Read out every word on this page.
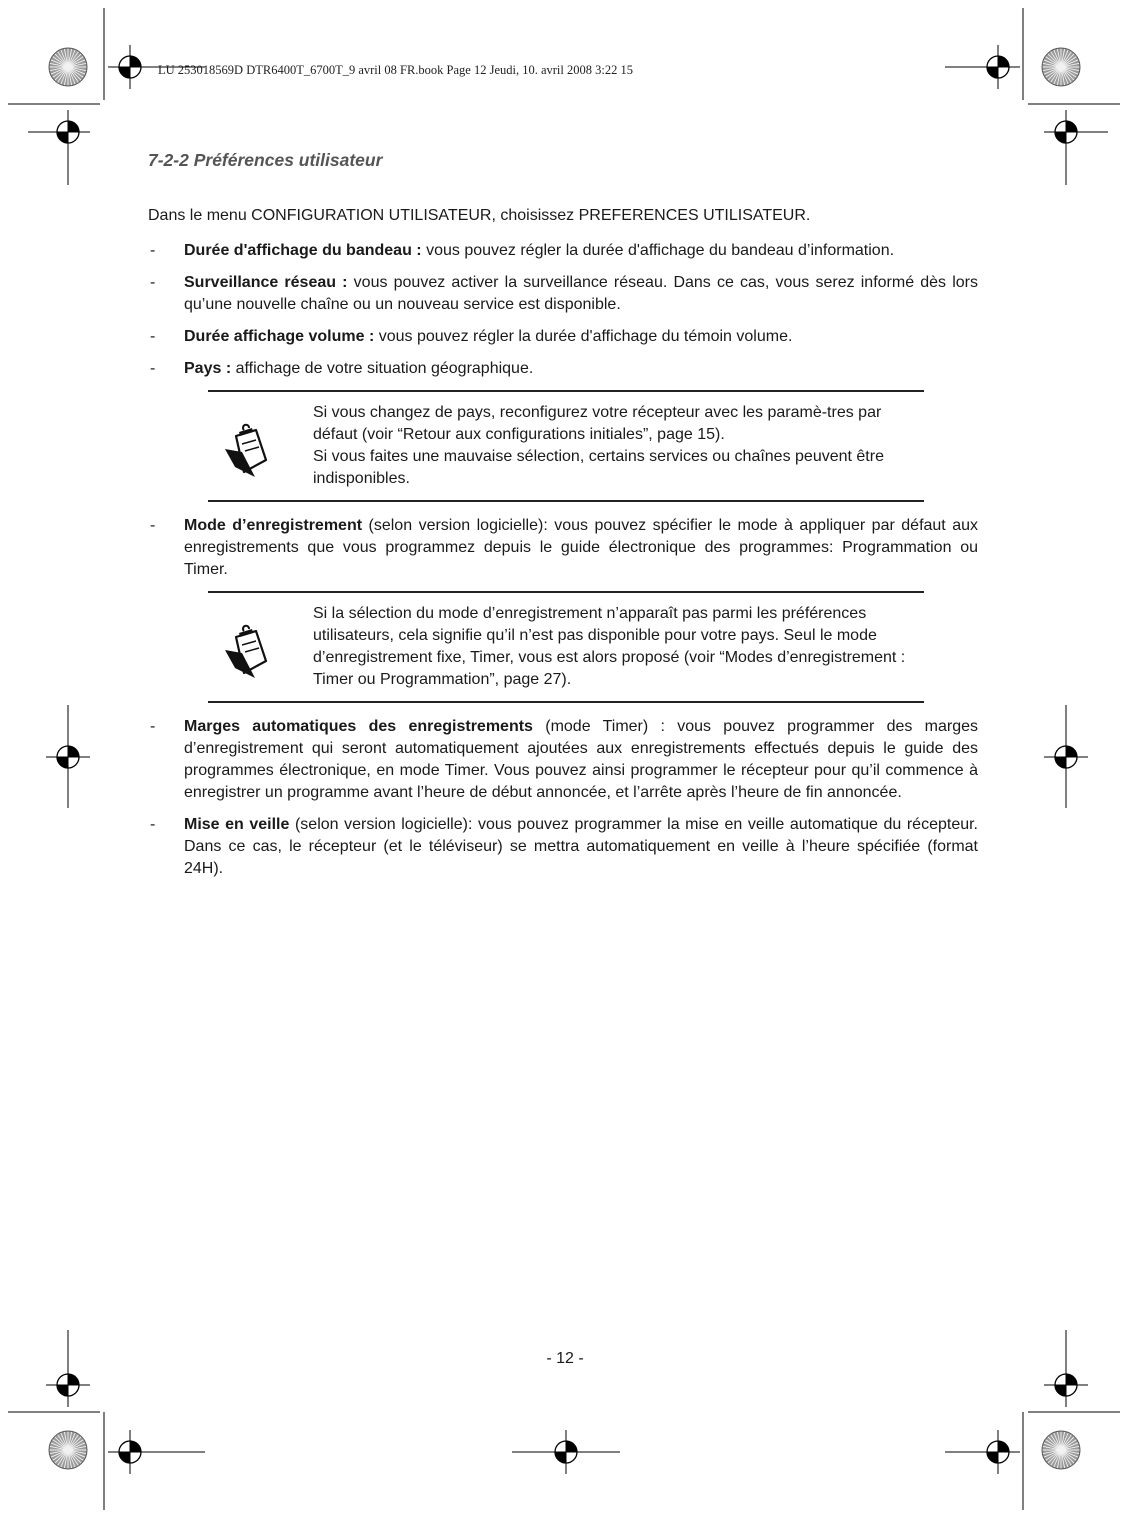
LU 253018569D DTR6400T_6700T_9 avril 08 FR.book Page 12 Jeudi, 10. avril 2008 3:22 15
7-2-2 Préférences utilisateur
Dans le menu CONFIGURATION UTILISATEUR, choisissez PREFERENCES UTILISATEUR.
- Durée d'affichage du bandeau : vous pouvez régler la durée d'affichage du bandeau d’information.
- Surveillance réseau : vous pouvez activer la surveillance réseau. Dans ce cas, vous serez informé dès lors qu’une nouvelle chaîne ou un nouveau service est disponible.
- Durée affichage volume : vous pouvez régler la durée d'affichage du témoin volume.
- Pays : affichage de votre situation géographique.

Si vous changez de pays, reconfigurez votre récepteur avec les paramè-tres par défaut (voir “Retour aux configurations initiales”, page 15).

Si vous faites une mauvaise sélection, certains services ou chaînes peuvent être indisponibles.

- Mode d’enregistrement (selon version logicielle): vous pouvez spécifier le mode à appliquer par défaut aux enregistrements que vous programmez depuis le guide électronique des programmes: Programmation ou Timer.

Si la sélection du mode d’enregistrement n’apparaît pas parmi les préférences utilisateurs, cela signifie qu’il n’est pas disponible pour votre pays. Seul le mode d’enregistrement fixe, Timer, vous est alors proposé (voir “Modes d’enregistrement : Timer ou Programmation”, page 27).

- Marges automatiques des enregistrements (mode Timer) : vous pouvez programmer des marges d’enregistrement qui seront automatiquement ajoutées aux enregistrements effectués depuis le guide des programmes électronique, en mode Timer. Vous pouvez ainsi programmer le récepteur pour qu’il commence à enregistrer un programme avant l’heure de début annoncée, et l’arrête après l’heure de fin annoncée.
- Mise en veille (selon version logicielle): vous pouvez programmer la mise en veille automatique du récepteur. Dans ce cas, le récepteur (et le téléviseur) se mettra automatiquement en veille à l’heure spécifiée (format 24H).
- 12 -
